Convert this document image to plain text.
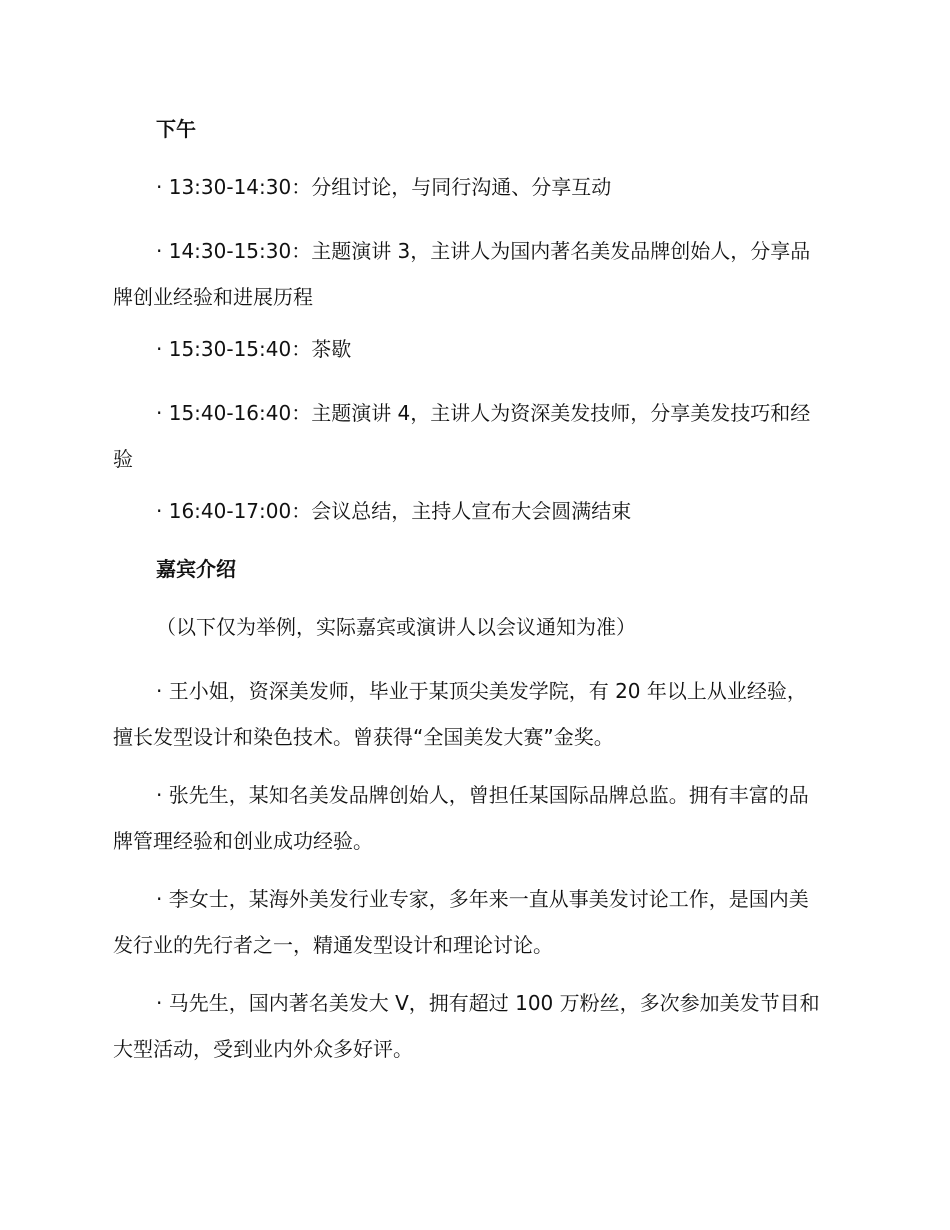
下午
· 13:30-14:30：分组讨论，与同行沟通、分享互动
· 14:30-15:30：主题演讲 3，主讲人为国内著名美发品牌创始人，分享品牌创业经验和进展历程
· 15:30-15:40：茶歇
· 15:40-16:40：主题演讲 4，主讲人为资深美发技师，分享美发技巧和经验
· 16:40-17:00：会议总结，主持人宣布大会圆满结束
嘉宾介绍
（以下仅为举例，实际嘉宾或演讲人以会议通知为准）
· 王小姐，资深美发师，毕业于某顶尖美发学院，有 20 年以上从业经验，擅长发型设计和染色技术。曾获得“全国美发大赛”金奖。
· 张先生，某知名美发品牌创始人，曾担任某国际品牌总监。拥有丰富的品牌管理经验和创业成功经验。
· 李女士，某海外美发行业专家，多年来一直从事美发讨论工作，是国内美发行业的先行者之一，精通发型设计和理论讨论。
· 马先生，国内著名美发大 V，拥有超过 100 万粉丝，多次参加美发节目和大型活动，受到业内外众多好评。
